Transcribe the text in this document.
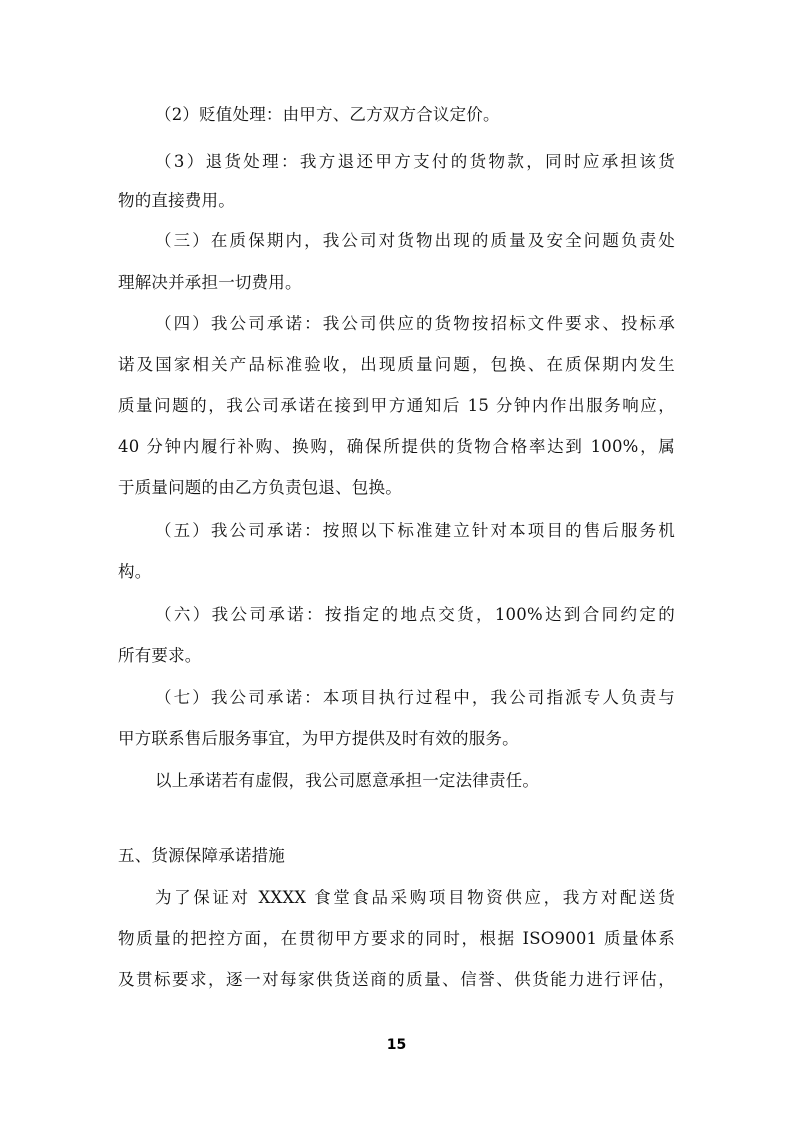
（2）贬值处理：由甲方、乙方双方合议定价。
（3）退货处理：我方退还甲方支付的货物款，同时应承担该货
物的直接费用。
（三）在质保期内，我公司对货物出现的质量及安全问题负责处
理解决并承担一切费用。
（四）我公司承诺：我公司供应的货物按招标文件要求、投标承
诺及国家相关产品标准验收，出现质量问题，包换、在质保期内发生
质量问题的，我公司承诺在接到甲方通知后 15 分钟内作出服务响应，
40 分钟内履行补购、换购，确保所提供的货物合格率达到 100%，属
于质量问题的由乙方负责包退、包换。
（五）我公司承诺：按照以下标准建立针对本项目的售后服务机
构。
（六）我公司承诺：按指定的地点交货，100%达到合同约定的
所有要求。
（七）我公司承诺：本项目执行过程中，我公司指派专人负责与
甲方联系售后服务事宜，为甲方提供及时有效的服务。
以上承诺若有虚假，我公司愿意承担一定法律责任。
五、货源保障承诺措施
为了保证对 XXXX 食堂食品采购项目物资供应，我方对配送货
物质量的把控方面，在贯彻甲方要求的同时，根据 ISO9001 质量体系
及贯标要求，逐一对每家供货送商的质量、信誉、供货能力进行评估，
15
